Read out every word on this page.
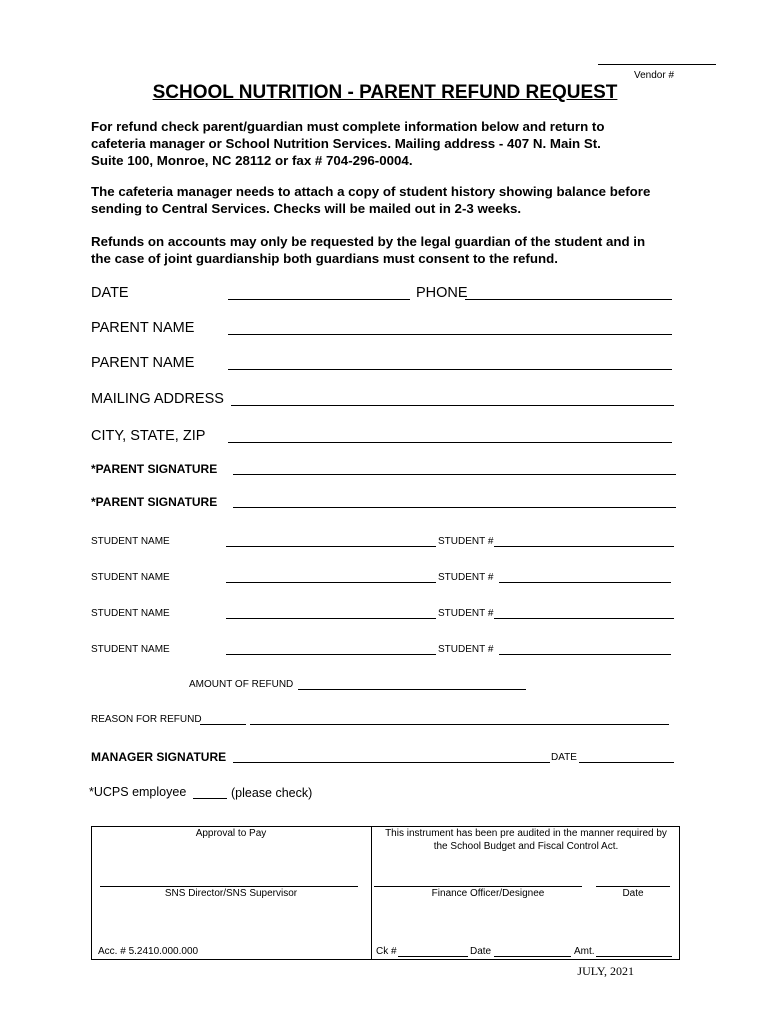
Vendor #
SCHOOL NUTRITION - PARENT REFUND REQUEST
For refund check parent/guardian must complete information below and return to
cafeteria manager or School Nutrition Services. Mailing address - 407 N. Main St.
Suite 100, Monroe, NC 28112 or fax # 704-296-0004.
The cafeteria manager needs to attach a copy of student history showing balance before
sending to Central Services. Checks will be mailed out in 2-3 weeks.
Refunds on accounts may only be requested by the legal guardian of the student and in
the case of joint guardianship both guardians must consent to the refund.
DATE	PHONE
PARENT NAME
PARENT NAME
MAILING ADDRESS
CITY, STATE, ZIP
*PARENT SIGNATURE
*PARENT SIGNATURE
STUDENT NAME	STUDENT #
STUDENT NAME	STUDENT #
STUDENT NAME	STUDENT #
STUDENT NAME	STUDENT #
AMOUNT OF REFUND
REASON FOR REFUND
MANAGER SIGNATURE	DATE
*UCPS employee	(please check)
Approval to Pay	This instrument has been pre audited in the manner required by
the School Budget and Fiscal Control Act.
SNS Director/SNS Supervisor	Finance Officer/Designee	Date
Acc. # 5.2410.000.000	Ck #	Date	Amt.
JULY, 2021
